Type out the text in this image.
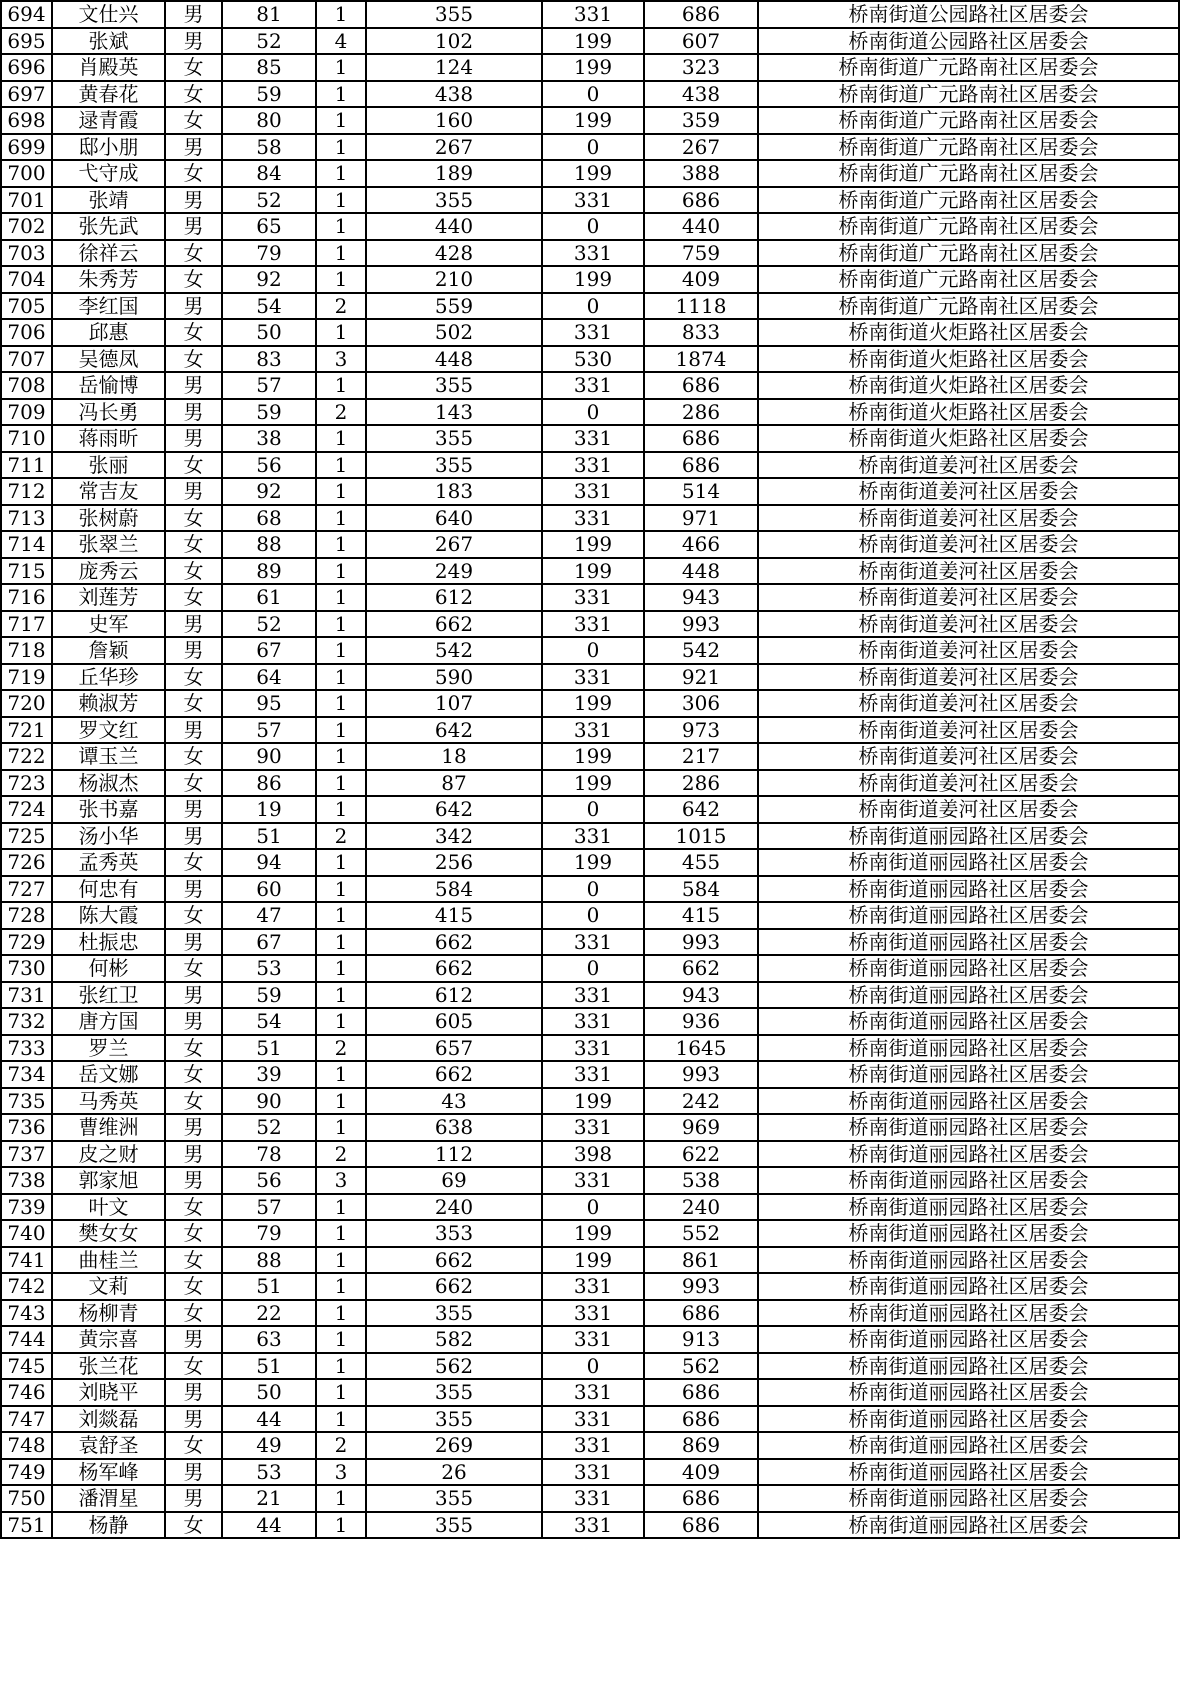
694	文仕兴	男	81	1	355	331	686	桥南街道公园路社区居委会
695	张斌	男	52	4	102	199	607	桥南街道公园路社区居委会
696	肖殿英	女	85	1	124	199	323	桥南街道广元路南社区居委会
697	黄春花	女	59	1	438	0	438	桥南街道广元路南社区居委会
698	逯青霞	女	80	1	160	199	359	桥南街道广元路南社区居委会
699	邸小朋	男	58	1	267	0	267	桥南街道广元路南社区居委会
700	弋守成	女	84	1	189	199	388	桥南街道广元路南社区居委会
701	张靖	男	52	1	355	331	686	桥南街道广元路南社区居委会
702	张先武	男	65	1	440	0	440	桥南街道广元路南社区居委会
703	徐祥云	女	79	1	428	331	759	桥南街道广元路南社区居委会
704	朱秀芳	女	92	1	210	199	409	桥南街道广元路南社区居委会
705	李红国	男	54	2	559	0	1118	桥南街道广元路南社区居委会
706	邱惠	女	50	1	502	331	833	桥南街道火炬路社区居委会
707	吴德凤	女	83	3	448	530	1874	桥南街道火炬路社区居委会
708	岳愉博	男	57	1	355	331	686	桥南街道火炬路社区居委会
709	冯长勇	男	59	2	143	0	286	桥南街道火炬路社区居委会
710	蒋雨昕	男	38	1	355	331	686	桥南街道火炬路社区居委会
711	张丽	女	56	1	355	331	686	桥南街道姜河社区居委会
712	常吉友	男	92	1	183	331	514	桥南街道姜河社区居委会
713	张树蔚	女	68	1	640	331	971	桥南街道姜河社区居委会
714	张翠兰	女	88	1	267	199	466	桥南街道姜河社区居委会
715	庞秀云	女	89	1	249	199	448	桥南街道姜河社区居委会
716	刘莲芳	女	61	1	612	331	943	桥南街道姜河社区居委会
717	史军	男	52	1	662	331	993	桥南街道姜河社区居委会
718	詹颖	男	67	1	542	0	542	桥南街道姜河社区居委会
719	丘华珍	女	64	1	590	331	921	桥南街道姜河社区居委会
720	赖淑芳	女	95	1	107	199	306	桥南街道姜河社区居委会
721	罗文红	男	57	1	642	331	973	桥南街道姜河社区居委会
722	谭玉兰	女	90	1	18	199	217	桥南街道姜河社区居委会
723	杨淑杰	女	86	1	87	199	286	桥南街道姜河社区居委会
724	张书嘉	男	19	1	642	0	642	桥南街道姜河社区居委会
725	汤小华	男	51	2	342	331	1015	桥南街道丽园路社区居委会
726	孟秀英	女	94	1	256	199	455	桥南街道丽园路社区居委会
727	何忠有	男	60	1	584	0	584	桥南街道丽园路社区居委会
728	陈大霞	女	47	1	415	0	415	桥南街道丽园路社区居委会
729	杜振忠	男	67	1	662	331	993	桥南街道丽园路社区居委会
730	何彬	女	53	1	662	0	662	桥南街道丽园路社区居委会
731	张红卫	男	59	1	612	331	943	桥南街道丽园路社区居委会
732	唐方国	男	54	1	605	331	936	桥南街道丽园路社区居委会
733	罗兰	女	51	2	657	331	1645	桥南街道丽园路社区居委会
734	岳文娜	女	39	1	662	331	993	桥南街道丽园路社区居委会
735	马秀英	女	90	1	43	199	242	桥南街道丽园路社区居委会
736	曹维洲	男	52	1	638	331	969	桥南街道丽园路社区居委会
737	皮之财	男	78	2	112	398	622	桥南街道丽园路社区居委会
738	郭家旭	男	56	3	69	331	538	桥南街道丽园路社区居委会
739	叶文	女	57	1	240	0	240	桥南街道丽园路社区居委会
740	樊女女	女	79	1	353	199	552	桥南街道丽园路社区居委会
741	曲桂兰	女	88	1	662	199	861	桥南街道丽园路社区居委会
742	文莉	女	51	1	662	331	993	桥南街道丽园路社区居委会
743	杨柳青	女	22	1	355	331	686	桥南街道丽园路社区居委会
744	黄宗喜	男	63	1	582	331	913	桥南街道丽园路社区居委会
745	张兰花	女	51	1	562	0	562	桥南街道丽园路社区居委会
746	刘晓平	男	50	1	355	331	686	桥南街道丽园路社区居委会
747	刘燚磊	男	44	1	355	331	686	桥南街道丽园路社区居委会
748	袁舒圣	女	49	2	269	331	869	桥南街道丽园路社区居委会
749	杨军峰	男	53	3	26	331	409	桥南街道丽园路社区居委会
750	潘渭星	男	21	1	355	331	686	桥南街道丽园路社区居委会
751	杨静	女	44	1	355	331	686	桥南街道丽园路社区居委会
